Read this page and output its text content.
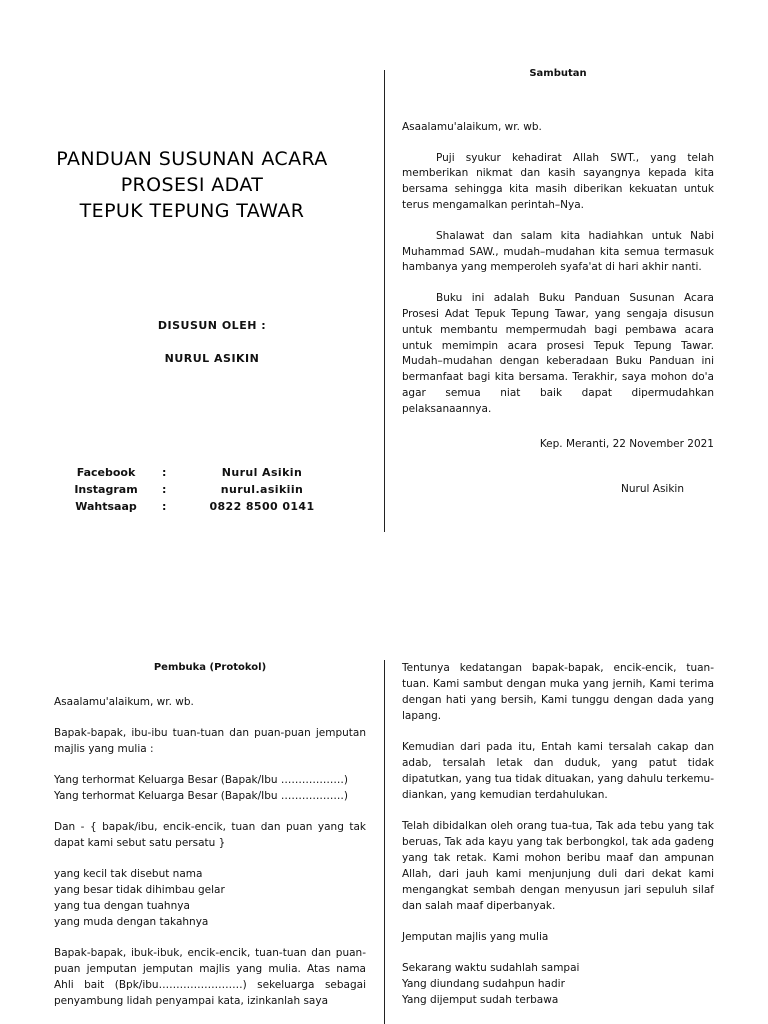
PANDUAN SUSUNAN ACARA
PROSESI ADAT
TEPUK TEPUNG TAWAR
DISUSUN OLEH :
NURUL ASIKIN
Facebook	:	Nurul Asikin
Instagram	:	nurul.asikiin
Wahtsaap	:	0822 8500 0141
Sambutan

Asaalamu'alaikum, wr. wb.

Puji syukur kehadirat Allah SWT., yang telah memberikan nikmat dan kasih sayangnya kepada kita bersama sehingga kita masih diberikan kekuatan untuk terus mengamalkan perintah–Nya.

Shalawat dan salam kita hadiahkan untuk Nabi Muhammad SAW., mudah–mudahan kita semua termasuk hambanya yang memperoleh syafa'at di hari akhir nanti.

Buku ini adalah Buku Panduan Susunan Acara Prosesi Adat Tepuk Tepung Tawar, yang sengaja disusun untuk membantu mempermudah bagi pembawa acara untuk memimpin acara prosesi Tepuk Tepung Tawar. Mudah–mudahan dengan keberadaan Buku Panduan ini bermanfaat bagi kita bersama. Terakhir, saya mohon do'a agar semua niat baik dapat dipermudahkan pelaksanaannya.

Kep. Meranti, 22 November 2021
Nurul Asikin
Pembuka (Protokol)

Asaalamu'alaikum, wr. wb.

Bapak-bapak, ibu-ibu tuan-tuan dan puan-puan jemputan majlis yang mulia :

Yang terhormat Keluarga Besar (Bapak/Ibu ………………)
Yang terhormat Keluarga Besar (Bapak/Ibu ………………)

Dan - { bapak/ibu, encik-encik, tuan dan puan yang tak dapat kami sebut satu persatu }

yang kecil tak disebut nama
yang besar tidak dihimbau gelar
yang tua dengan tuahnya
yang muda dengan takahnya

Bapak-bapak, ibuk-ibuk, encik-encik, tuan-tuan dan puan-puan jemputan jemputan majlis yang mulia. Atas nama Ahli bait (Bpk/ibu……………………) sekeluarga sebagai penyambung lidah penyampai kata, izinkanlah saya

Tentunya kedatangan bapak-bapak, encik-encik, tuan-tuan. Kami sambut dengan muka yang jernih, Kami terima dengan hati yang bersih, Kami tunggu dengan dada yang lapang.

Kemudian dari pada itu, Entah kami tersalah cakap dan adab, tersalah letak dan duduk, yang patut tidak dipatutkan, yang tua tidak dituakan, yang dahulu terkemu- diankan, yang kemudian terdahulukan.

Telah dibidalkan oleh orang tua-tua, Tak ada tebu yang tak beruas, Tak ada kayu yang tak berbongkol, tak ada gadeng yang tak retak. Kami mohon beribu maaf dan ampunan Allah, dari jauh kami menjunjung duli dari dekat kami mengangkat sembah dengan menyusun jari sepuluh silaf dan salah maaf diperbanyak.

Jemputan majlis yang mulia

Sekarang waktu sudahlah sampai
Yang diundang sudahpun hadir
Yang dijemput sudah terbawa
